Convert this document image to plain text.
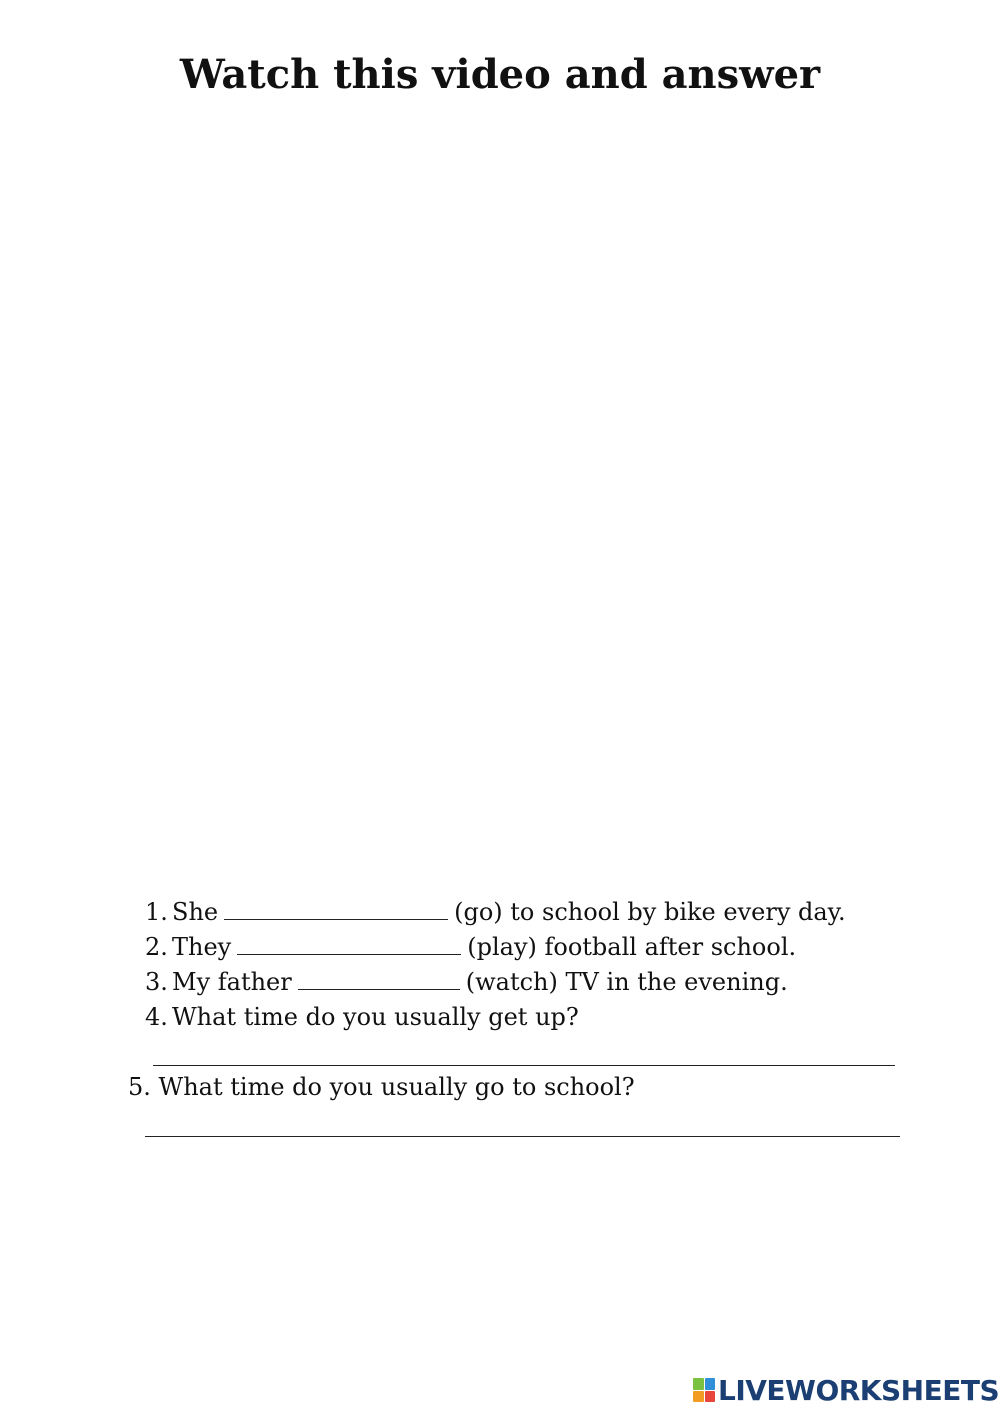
Watch this video and answer
1. She	(go) to school by bike every day.
2. They	(play) football after school.
3. My father	(watch) TV in the evening.
4. What time do you usually get up?
5. What time do you usually go to school?
LIVEWORKSHEETS
